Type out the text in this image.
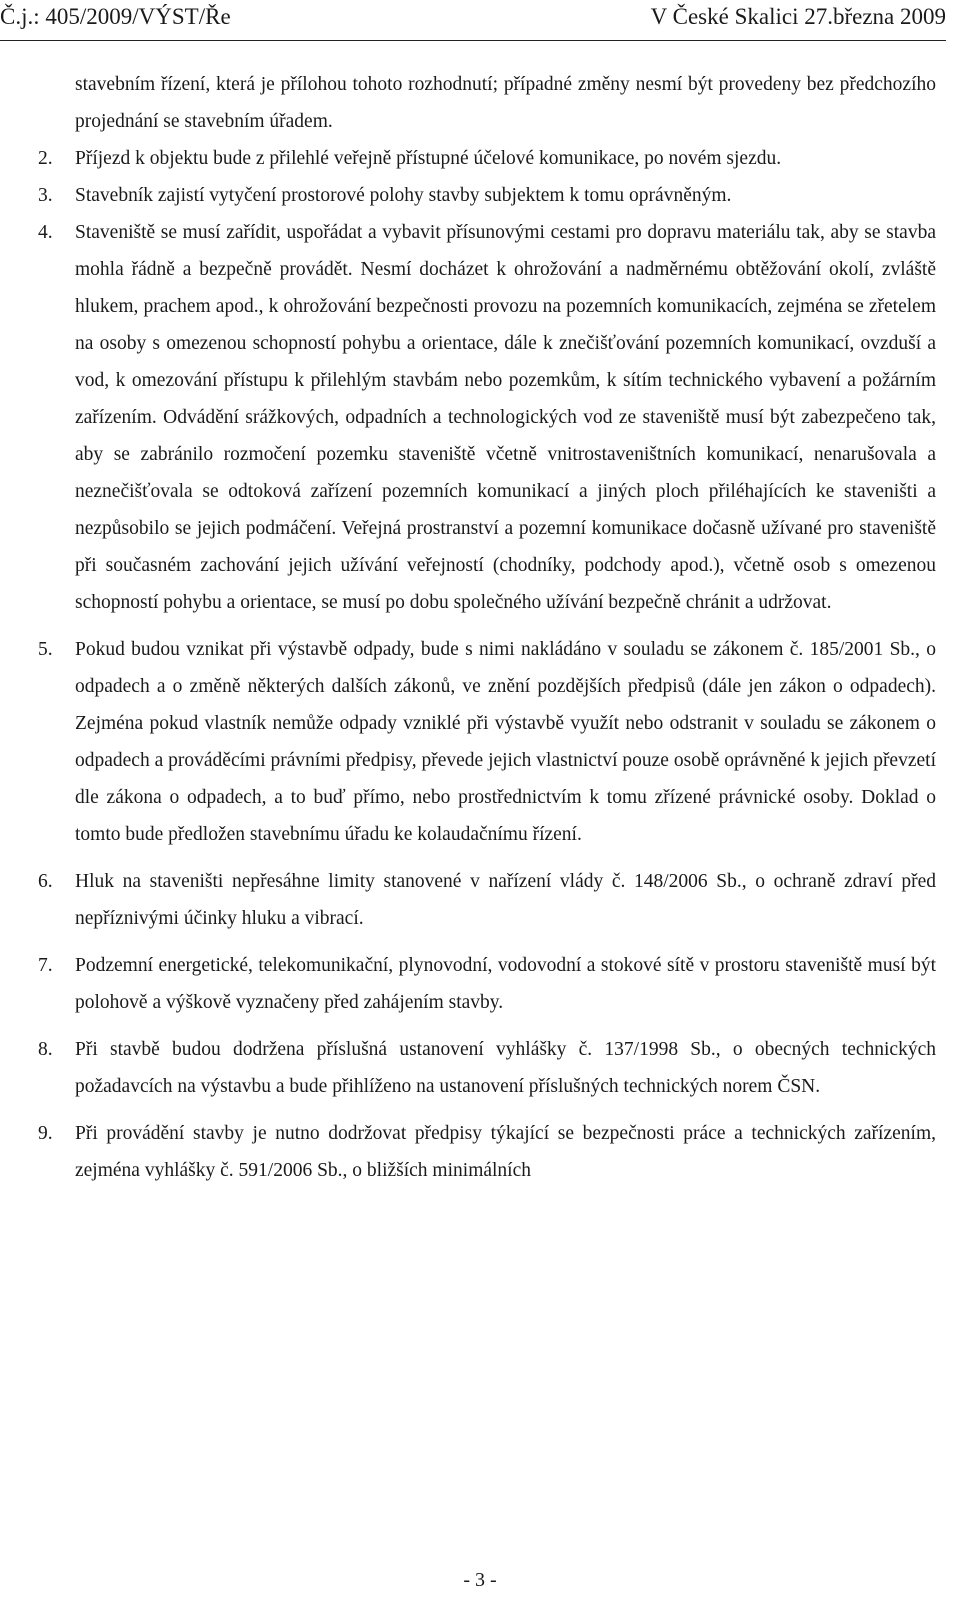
Č.j.: 405/2009/VÝST/Ře	V České Skalici 27.března 2009
stavebním řízení, která je přílohou tohoto rozhodnutí; případné změny nesmí být provedeny bez předchozího projednání se stavebním úřadem.
2.	Příjezd k objektu bude z přilehlé veřejně přístupné účelové komunikace, po novém sjezdu.
3.	Stavebník zajistí vytyčení prostorové polohy stavby subjektem k tomu oprávněným.
4.	Staveniště se musí zařídit, uspořádat a vybavit přísunovými cestami pro dopravu materiálu tak, aby se stavba mohla řádně a bezpečně provádět. Nesmí docházet k ohrožování a nadměrnému obtěžování okolí, zvláště hlukem, prachem apod., k ohrožování bezpečnosti provozu na pozemních komunikacích, zejména se zřetelem na osoby s omezenou schopností pohybu a orientace, dále k znečišťování pozemních komunikací, ovzduší a vod, k omezování přístupu k přilehlým stavbám nebo pozemkům, k sítím technického vybavení a požárním zařízením. Odvádění srážkových, odpadních a technologických vod ze staveniště musí být zabezpečeno tak, aby se zabránilo rozmočení pozemku staveniště včetně vnitrostaveništních komunikací, nenarušovala a neznečišťovala se odtoková zařízení pozemních komunikací a jiných ploch přiléhajících ke staveništi a nezpůsobilo se jejich podmáčení. Veřejná prostranství a pozemní komunikace dočasně užívané pro staveniště při současném zachování jejich užívání veřejností (chodníky, podchody apod.), včetně osob s omezenou schopností pohybu a orientace, se musí po dobu společného užívání bezpečně chránit a udržovat.
5.	Pokud budou vznikat při výstavbě odpady, bude s nimi nakládáno v souladu se zákonem č. 185/2001 Sb., o odpadech a o změně některých dalších zákonů, ve znění pozdějších předpisů (dále jen zákon o odpadech). Zejména pokud vlastník nemůže odpady vzniklé při výstavbě využít nebo odstranit v souladu se zákonem o odpadech a prováděcími právními předpisy, převede jejich vlastnictví pouze osobě oprávněné k jejich převzetí dle zákona o odpadech, a to buď přímo, nebo prostřednictvím k tomu zřízené právnické osoby. Doklad o tomto bude předložen stavebnímu úřadu ke kolaudačnímu řízení.
6.	Hluk na staveništi nepřesáhne limity stanovené v nařízení vlády č. 148/2006 Sb., o ochraně zdraví před nepříznivými účinky hluku a vibrací.
7.	Podzemní energetické, telekomunikační, plynovodní, vodovodní a stokové sítě v prostoru staveniště musí být polohově a výškově vyznačeny před zahájením stavby.
8.	Při stavbě budou dodržena příslušná ustanovení vyhlášky č. 137/1998 Sb., o obecných technických požadavcích na výstavbu a bude přihlíženo na ustanovení příslušných technických norem ČSN.
9.	Při provádění stavby je nutno dodržovat předpisy týkající se bezpečnosti práce a technických zařízením, zejména vyhlášky č. 591/2006 Sb., o bližších minimálních
- 3 -
